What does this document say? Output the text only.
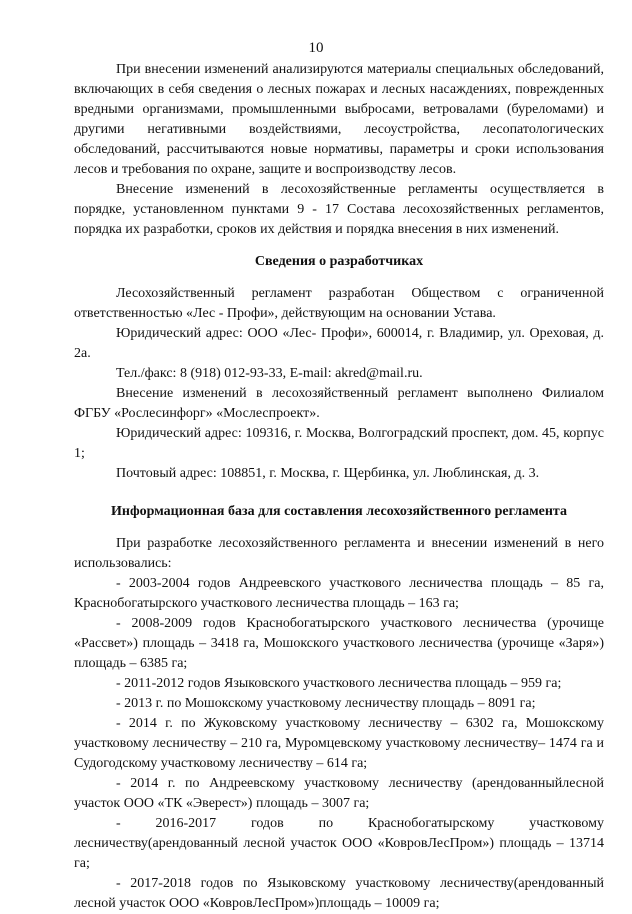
10

При внесении изменений анализируются материалы специальных обследований, включающих в себя сведения о лесных пожарах и лесных насаждениях, поврежденных вредными организмами, промышленными выбросами, ветровалами (буреломами) и другими негативными воздействиями, лесоустройства, лесопатологических обследований, рассчитываются новые нормативы, параметры и сроки использования лесов и требования по охране, защите и воспроизводству лесов.

Внесение изменений в лесохозяйственные регламенты осуществляется в порядке, установленном пунктами 9 - 17 Состава лесохозяйственных регламентов, порядка их разработки, сроков их действия и порядка внесения в них изменений.

Сведения о разработчиках

Лесохозяйственный регламент разработан Обществом с ограниченной ответственностью «Лес - Профи», действующим на основании Устава.

Юридический адрес: ООО «Лес- Профи», 600014, г. Владимир, ул. Ореховая, д. 2а.

Тел./факс: 8 (918) 012-93-33, E-mail: akred@mail.ru.

Внесение изменений в лесохозяйственный регламент выполнено Филиалом ФГБУ «Рослесинфорг» «Мослеспроект».

Юридический адрес: 109316, г. Москва, Волгоградский проспект, дом. 45, корпус 1;

Почтовый адрес: 108851, г. Москва, г. Щербинка, ул. Люблинская, д. 3.

Информационная база для составления лесохозяйственного регламента

При разработке лесохозяйственного регламента и внесении изменений в него использовались:

- 2003-2004 годов Андреевского участкового лесничества площадь – 85 га, Краснобогатырского участкового лесничества площадь – 163 га;

- 2008-2009 годов Краснобогатырского участкового лесничества (урочище «Рассвет») площадь – 3418 га, Мошокского участкового лесничества (урочище «Заря») площадь – 6385 га;

- 2011-2012 годов Языковского участкового лесничества площадь – 959 га;

- 2013 г. по Мошокскому участковому лесничеству площадь – 8091 га;

- 2014 г. по Жуковскому участковому лесничеству – 6302 га, Мошокскому участковому лесничеству – 210 га, Муромцевскому участковому лесничеству– 1474 га и Судогодскому участковому лесничеству – 614 га;

- 2014 г. по Андреевскому участковому лесничеству (арендованныйлесной участок ООО «ТК «Эверест») площадь – 3007 га;

- 2016-2017 годов по Краснобогатырскому участковому лесничеству(арендованный лесной участок ООО «КовровЛесПром») площадь – 13714 га;

- 2017-2018 годов по Языковскому участковому лесничеству(арендованный лесной участок ООО «КовровЛесПром»)площадь – 10009 га;
